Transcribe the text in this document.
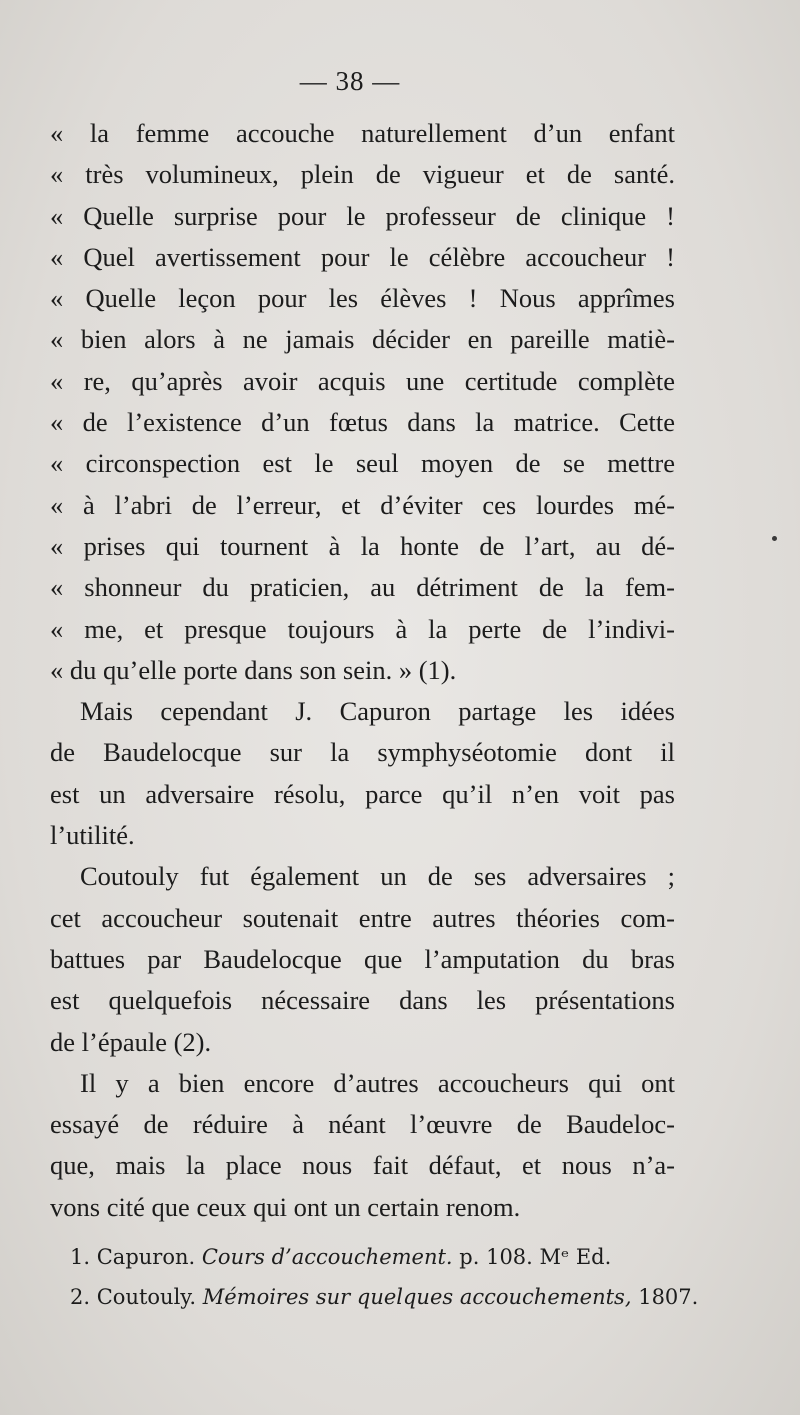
— 38 —
« la femme accouche naturellement d’un enfant
« très volumineux, plein de vigueur et de santé.
« Quelle surprise pour le professeur de clinique !
« Quel avertissement pour le célèbre accoucheur !
« Quelle leçon pour les élèves ! Nous apprîmes
« bien alors à ne jamais décider en pareille matiè-
« re, qu’après avoir acquis une certitude complète
« de l’existence d’un fœtus dans la matrice. Cette
« circonspection est le seul moyen de se mettre
« à l’abri de l’erreur, et d’éviter ces lourdes mé-
« prises qui tournent à la honte de l’art, au dé-
« shonneur du praticien, au détriment de la fem-
« me, et presque toujours à la perte de l’indivi-
« du qu’elle porte dans son sein. » (1).
Mais cependant J. Capuron partage les idées
de Baudelocque sur la symphyséotomie dont il
est un adversaire résolu, parce qu’il n’en voit pas
l’utilité.
Coutouly fut également un de ses adversaires ;
cet accoucheur soutenait entre autres théories com-
battues par Baudelocque que l’amputation du bras
est quelquefois nécessaire dans les présentations
de l’épaule (2).
Il y a bien encore d’autres accoucheurs qui ont
essayé de réduire à néant l’œuvre de Baudeloc-
que, mais la place nous fait défaut, et nous n’a-
vons cité que ceux qui ont un certain renom.
1. Capuron. Cours d’accouchement. p. 108. Mᵉ Ed.
2. Coutouly. Mémoires sur quelques accouchements, 1807.
